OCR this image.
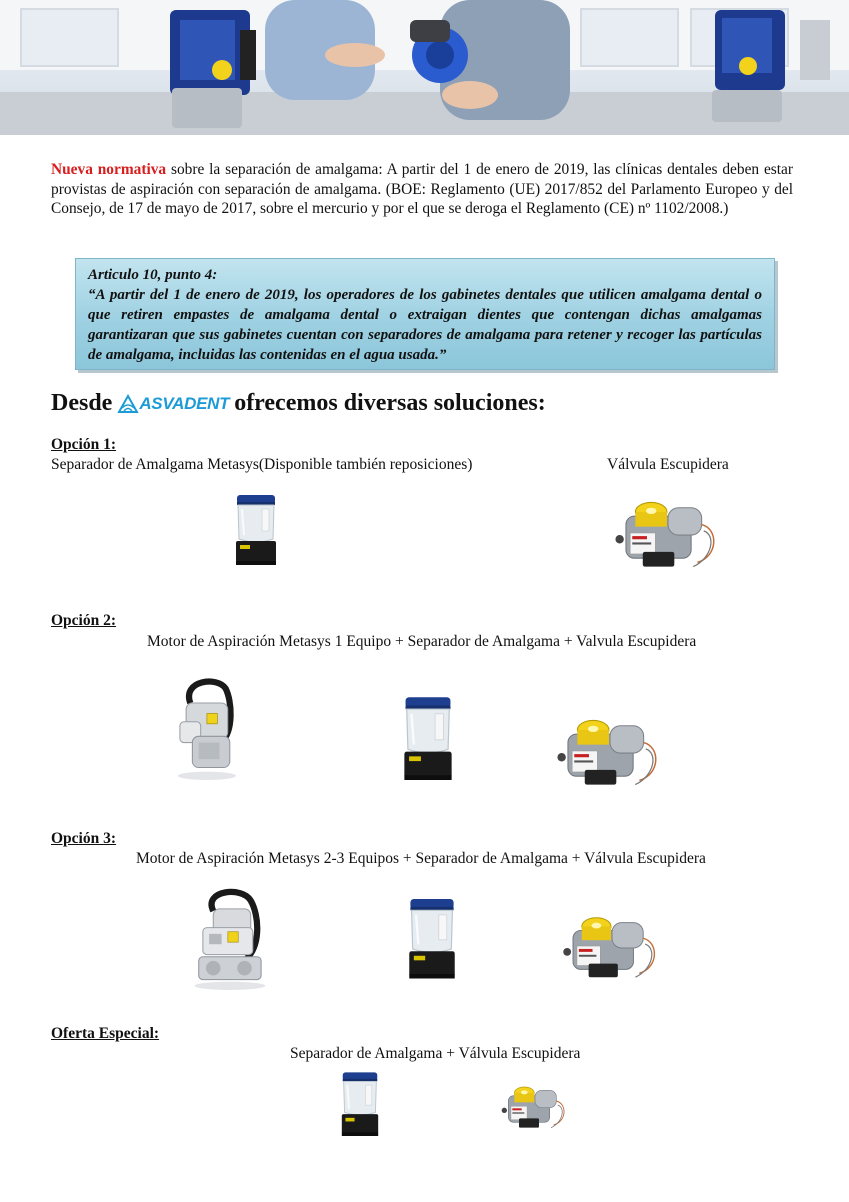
Nueva normativa sobre la separación de amalgama: A partir del 1 de enero de 2019, las clínicas dentales deben estar provistas de aspiración con separación de amalgama. (BOE: Reglamento (UE) 2017/852 del Parlamento Europeo y del Consejo, de 17 de mayo de 2017, sobre el mercurio y por el que se deroga el Reglamento (CE) nº 1102/2008.)
Articulo 10, punto 4:
“A partir del 1 de enero de 2019, los operadores de los gabinetes dentales que utilicen amalgama dental o que retiren empastes de amalgama dental o extraigan dientes que contengan dichas amalgamas garantizaran que sus gabinetes cuentan con separadores de amalgama para retener y recoger las partículas de amalgama, incluidas las contenidas en el agua usada.”
Desde ASVADENT ofrecemos diversas soluciones:
Opción 1:
Separador de Amalgama Metasys(Disponible también reposiciones)	Válvula Escupidera
Opción 2:
Motor de Aspiración Metasys 1 Equipo + Separador de Amalgama + Valvula Escupidera
Opción 3:
Motor de Aspiración Metasys 2-3 Equipos + Separador de Amalgama + Válvula Escupidera
Oferta Especial:
Separador de Amalgama + Válvula Escupidera
